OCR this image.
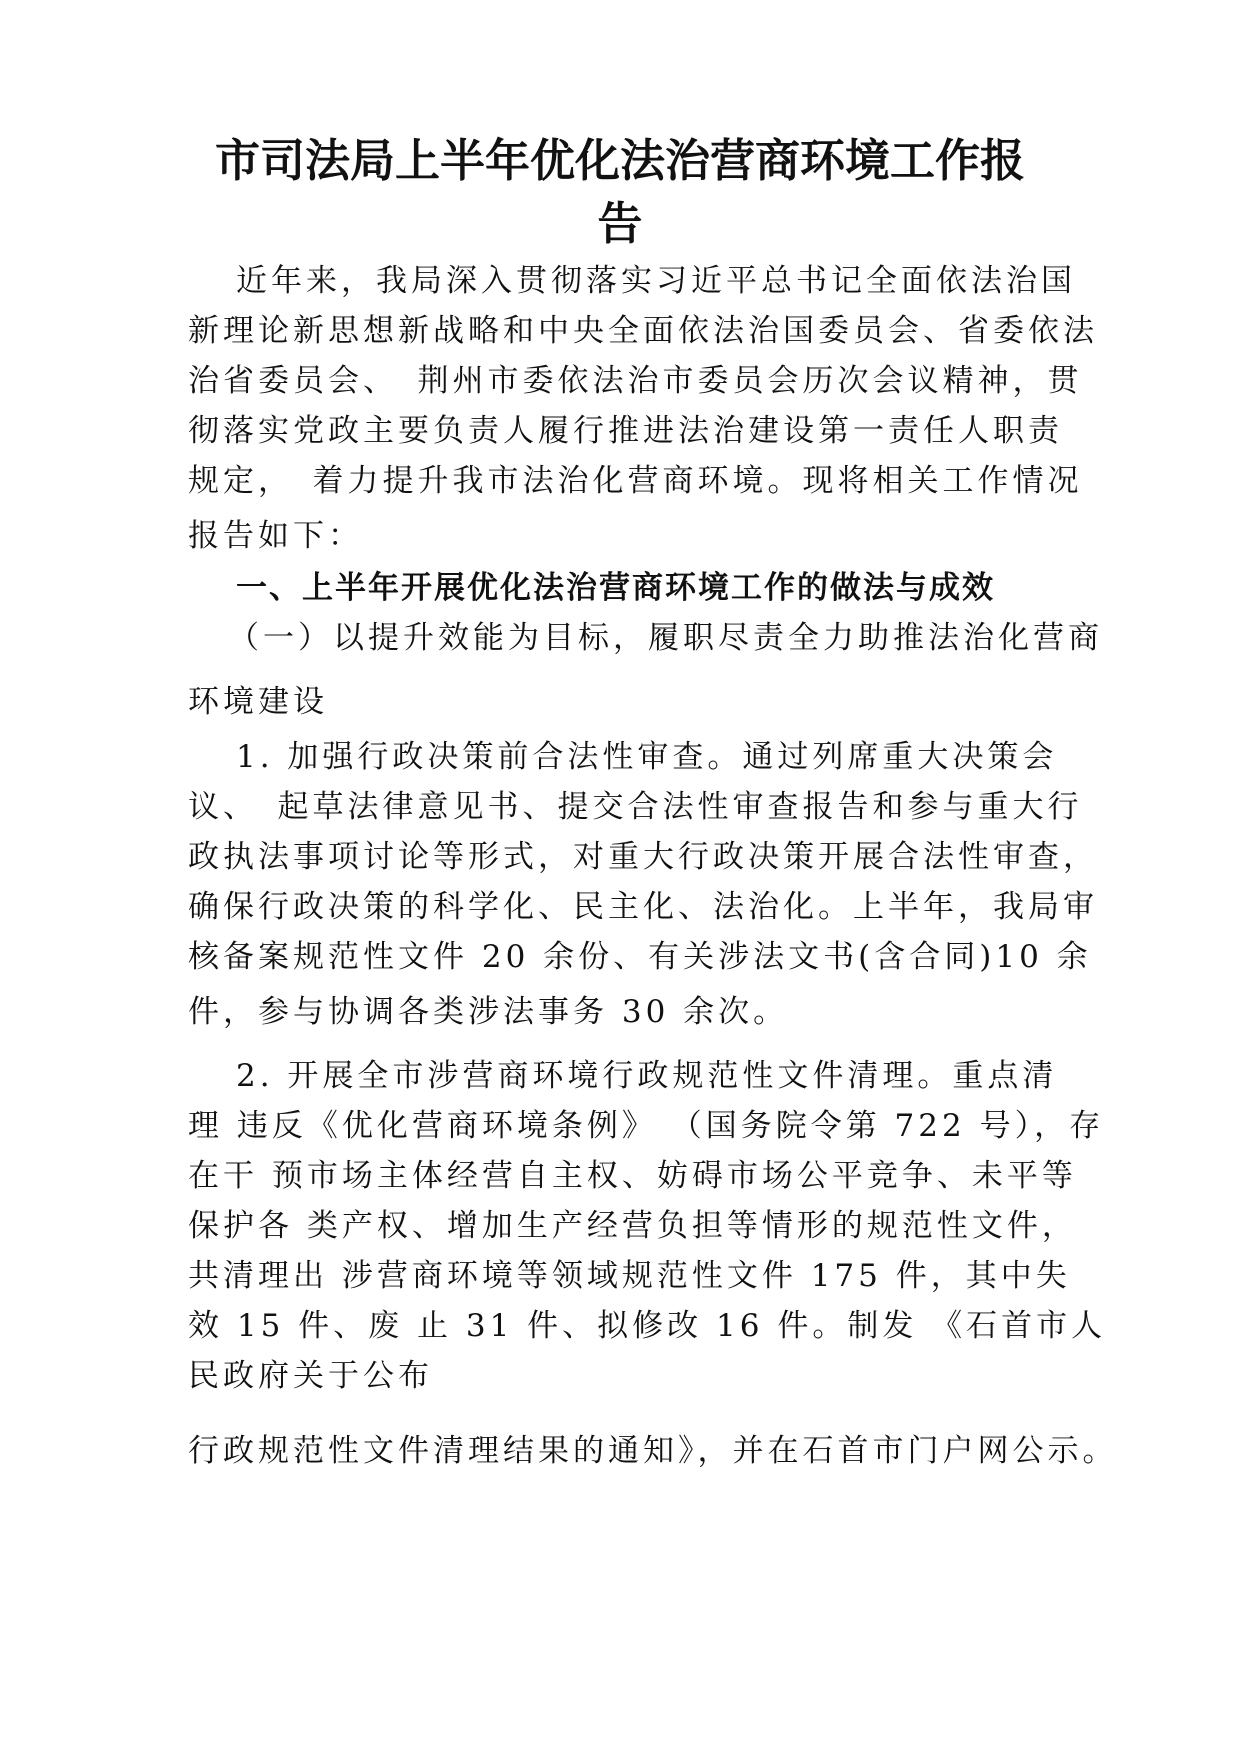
市司法局上半年优化法治营商环境工作报
告

近年来，我局深入贯彻落实习近平总书记全面依法治国

新理论新思想新战略和中央全面依法治国委员会、省委依法

治省委员会、　荆州市委依法治市委员会历次会议精神，贯

彻落实党政主要负责人履行推进法治建设第一责任人职责

规定，　着力提升我市法治化营商环境。现将相关工作情况

报告如下：

一、上半年开展优化法治营商环境工作的做法与成效

（一）以提升效能为目标，履职尽责全力助推法治化营商

环境建设

1. 加强行政决策前合法性审查。通过列席重大决策会

议、　起草法律意见书、提交合法性审查报告和参与重大行

政执法事项讨论等形式，对重大行政决策开展合法性审查，

确保行政决策的科学化、民主化、法治化。上半年，我局审

核备案规范性文件 20 余份、有关涉法文书(含合同)10 余

件，参与协调各类涉法事务 30 余次。

2. 开展全市涉营商环境行政规范性文件清理。重点清

理 违反《优化营商环境条例》 （国务院令第 722 号），存

在干 预市场主体经营自主权、妨碍市场公平竞争、未平等

保护各 类产权、增加生产经营负担等情形的规范性文件，

共清理出 涉营商环境等领域规范性文件 175 件，其中失

效 15 件、废 止 31 件、拟修改 16 件。制发 《石首市人

民政府关于公布

行政规范性文件清理结果的通知》，并在石首市门户网公示。
